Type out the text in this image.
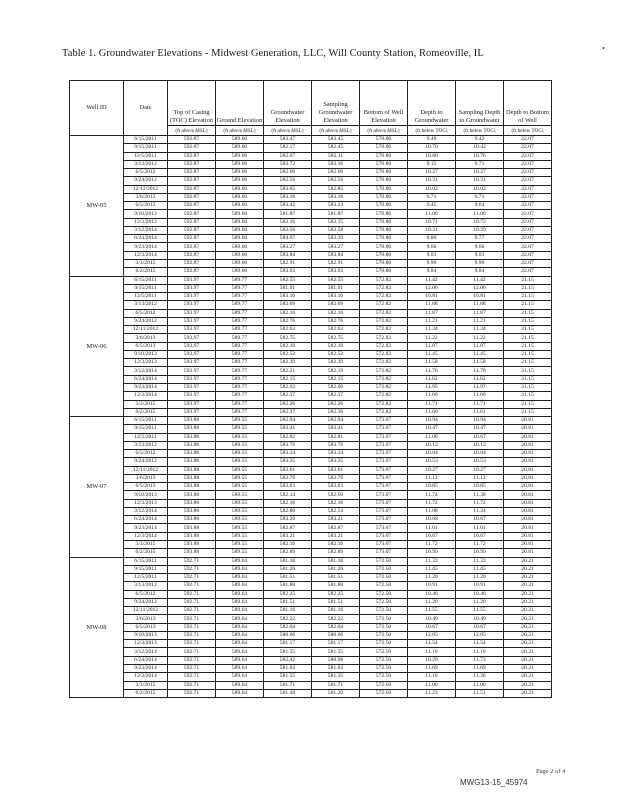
Table 1. Groundwater Elevations - Midwest Generation, LLC, Will County Station, Romeoville, IL	•
Well ID	Date	Top of Casing (TOC) Elevation	Ground Elevation	Groundwater Elevation	Sampling Groundwater Elevation	Bottom of Well Elevation	Depth to Groundwater	Sampling Depth to Groundwater	Depth to Bottom of Well
		(ft above MSL)	(ft above MSL)	(ft above MSL)	(ft above MSL)	(ft above MSL)	(ft below TOC)	(ft below TOC)	(ft below TOC)
MW-05	6/15/2011	592.87	589.60	583.47	583.45	570.80	9.40	9.42	22.07
	9/15/2011	592.87	589.60	582.17	582.45	570.80	10.70	10.42	22.07
	12/5/2011	592.87	589.60	582.07	582.11	570.80	10.80	10.76	22.07
	3/13/2012	592.87	589.60	583.72	583.16	570.80	9.15	9.71	22.07
	6/5/2012	592.87	589.60	582.60	582.60	570.80	10.27	10.27	22.07
	9/24/2012	592.87	589.60	582.56	582.56	570.80	10.31	10.31	22.07
	12/11/2012	592.87	589.60	583.65	582.85	570.80	10.02	10.02	22.07
	3/6/2013	592.87	589.60	583.16	583.16	570.80	9.71	9.71	22.07
	6/5/2013	592.87	589.60	583.42	583.23	570.80	9.45	9.64	22.07
	9/10/2013	592.87	589.60	581.87	581.87	570.80	11.00	11.00	22.07
	12/3/2013	592.87	589.60	582.16	582.15	570.80	10.71	10.72	22.07
	3/12/2014	592.87	589.60	582.56	582.58	570.80	10.31	10.29	22.07
	6/24/2014	592.87	589.60	584.07	583.10	570.80	8.80	9.77	22.07
	9/23/2014	592.87	589.60	583.27	583.27	570.80	9.60	9.60	22.07
	12/3/2014	592.87	589.60	583.84	583.84	570.80	9.03	9.03	22.07
	3/3/2015	592.87	589.60	582.91	582.91	570.80	9.96	9.96	22.07
	6/2/2015	592.87	589.60	583.03	583.03	570.80	9.84	9.84	22.07
MW-06	6/15/2011	593.97	589.77	582.55	582.55	572.82	11.42	11.42	21.15
	9/15/2011	593.97	589.77	581.91	581.91	572.82	12.06	12.06	21.15
	12/5/2011	593.97	589.77	583.16	583.16	572.82	10.81	10.81	21.15
	3/13/2012	593.97	589.77	582.09	582.09	572.82	11.88	11.88	21.15
	6/5/2012	593.97	589.77	582.10	582.10	572.82	11.87	11.87	21.15
	9/24/2012	593.97	589.77	582.76	582.76	572.82	11.21	11.21	21.15
	12/11/2012	593.97	589.77	582.63	582.63	572.82	11.34	11.34	21.15
	3/6/2013	593.97	589.77	582.75	582.75	572.82	11.22	11.22	21.15
	6/5/2013	593.97	589.77	582.10	582.10	572.82	11.87	11.87	21.15
	9/10/2013	593.97	589.77	582.52	582.52	572.82	11.45	11.45	21.15
	12/3/2013	593.97	589.77	582.39	582.39	572.82	11.58	11.58	21.15
	3/12/2014	593.97	589.77	582.21	582.19	572.82	11.76	11.78	21.15
	6/24/2014	593.97	589.77	582.15	582.15	572.82	11.82	11.82	21.15
	9/23/2014	593.97	589.77	582.02	582.00	572.82	11.95	11.97	21.15
	12/3/2014	593.97	589.77	582.37	582.37	572.82	11.60	11.60	21.15
	3/3/2015	593.97	589.77	582.26	582.26	572.82	11.71	11.71	21.15
	6/2/2015	593.97	589.77	582.37	582.36	572.82	11.60	11.61	21.15
MW-07	6/15/2011	593.88	589.55	582.94	582.94	573.07	10.94	10.94	20.81
	9/15/2011	593.88	589.55	583.41	583.41	573.07	10.47	10.47	20.81
	12/5/2011	593.88	589.55	582.82	582.81	573.07	11.06	10.67	20.81
	3/13/2012	593.88	589.55	583.76	583.76	573.07	10.12	10.12	20.81
	6/5/2012	593.88	589.55	583.24	583.24	573.07	10.64	10.64	20.81
	9/24/2012	593.88	589.55	583.35	583.35	573.07	10.53	10.53	20.81
	12/11/2012	593.88	589.55	583.61	583.61	573.07	10.27	10.27	20.81
	3/6/2013	593.88	589.55	582.76	582.76	573.07	11.12	11.12	20.81
	6/5/2013	593.88	589.55	583.03	583.03	573.07	10.85	10.85	20.81
	9/10/2013	593.88	589.55	582.14	582.50	573.07	11.74	11.38	20.81
	12/3/2013	593.88	589.55	582.16	582.16	573.07	11.72	11.72	20.81
	3/12/2014	593.88	589.55	582.80	582.54	573.07	11.08	11.34	20.81
	6/24/2014	593.88	589.55	583.20	583.21	573.07	10.68	10.67	20.81
	9/23/2014	593.88	589.55	582.87	582.87	573.07	11.01	11.01	20.81
	12/3/2014	593.88	589.55	583.21	583.21	573.07	10.67	10.67	20.81
	3/3/2015	593.88	589.55	582.16	582.16	573.07	11.72	11.72	20.81
	6/2/2015	593.88	589.55	582.89	582.89	573.07	10.99	10.99	20.81
MW-08	6/15/2011	592.71	589.64	581.38	581.38	572.50	11.33	11.33	20.21
	9/15/2011	592.71	589.64	581.26	581.26	572.50	11.45	11.45	20.21
	12/5/2011	592.71	589.64	581.51	581.51	572.50	11.20	11.20	20.21
	3/13/2012	592.71	589.64	581.80	581.80	572.50	10.91	10.91	20.21
	6/5/2012	592.71	589.64	582.25	582.25	572.50	10.46	10.46	20.21
	9/24/2012	592.71	589.64	581.51	581.51	572.50	11.20	11.20	20.21
	12/11/2012	592.71	589.64	581.16	581.16	572.50	11.55	11.55	20.21
	3/6/2013	592.71	589.64	582.22	582.22	572.50	10.49	10.49	20.21
	6/5/2013	592.71	589.64	582.04	582.04	572.50	10.67	10.67	20.21
	9/10/2013	592.71	589.64	580.66	580.66	572.50	12.05	12.05	20.21
	12/3/2013	592.71	589.64	581.17	581.17	572.50	11.54	11.54	20.21
	3/12/2014	592.71	589.64	581.55	581.55	572.50	11.16	11.16	20.21
	6/24/2014	592.71	589.64	582.42	580.98	572.50	10.29	11.73	20.21
	9/23/2014	592.71	589.64	581.02	581.02	572.50	11.69	11.69	20.21
	12/3/2014	592.71	589.64	581.55	581.35	572.50	11.16	11.36	20.21
	3/3/2015	592.71	589.64	581.71	581.71	572.50	11.00	11.00	20.21
	6/2/2015	592.71	589.64	581.48	581.20	572.50	11.23	11.51	20.21
Page 2 of 4
MWG13-15_45974
